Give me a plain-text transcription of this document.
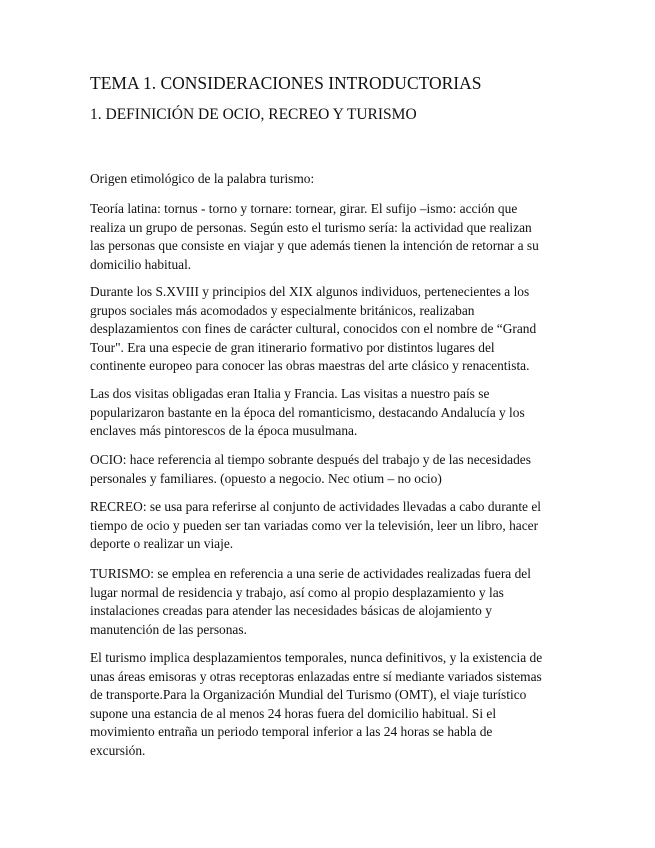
TEMA 1. CONSIDERACIONES INTRODUCTORIAS
1. DEFINICIÓN DE OCIO, RECREO Y TURISMO
Origen etimológico de la palabra turismo:
Teoría latina: tornus - torno y tornare: tornear, girar. El sufijo –ismo: acción que
realiza un grupo de personas. Según esto el turismo sería: la actividad que realizan
las personas que consiste en viajar y que además tienen la intención de retornar a su
domicilio habitual.
Durante los S.XVIII y principios del XIX algunos individuos, pertenecientes a los
grupos sociales más acomodados y especialmente británicos, realizaban
desplazamientos con fines de carácter cultural, conocidos con el nombre de “Grand
Tour". Era una especie de gran itinerario formativo por distintos lugares del
continente europeo para conocer las obras maestras del arte clásico y renacentista.
Las dos visitas obligadas eran Italia y Francia. Las visitas a nuestro país se
popularizaron bastante en la época del romanticismo, destacando Andalucía y los
enclaves más pintorescos de la época musulmana.
OCIO: hace referencia al tiempo sobrante después del trabajo y de las necesidades
personales y familiares. (opuesto a negocio. Nec otium – no ocio)
RECREO: se usa para referirse al conjunto de actividades llevadas a cabo durante el
tiempo de ocio y pueden ser tan variadas como ver la televisión, leer un libro, hacer
deporte o realizar un viaje.
TURISMO: se emplea en referencia a una serie de actividades realizadas fuera del
lugar normal de residencia y trabajo, así como al propio desplazamiento y las
instalaciones creadas para atender las necesidades básicas de alojamiento y
manutención de las personas.
El turismo implica desplazamientos temporales, nunca definitivos, y la existencia de
unas áreas emisoras y otras receptoras enlazadas entre sí mediante variados sistemas
de transporte.Para la Organización Mundial del Turismo (OMT), el viaje turístico
supone una estancia de al menos 24 horas fuera del domicilio habitual. Si el
movimiento entraña un periodo temporal inferior a las 24 horas se habla de
excursión.
